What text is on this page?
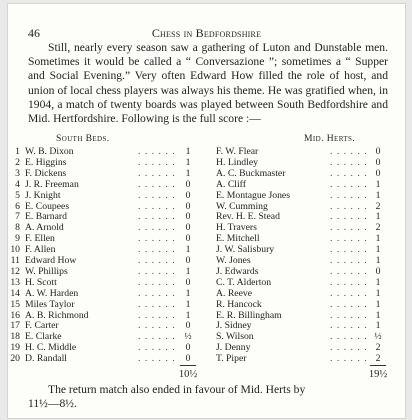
46	Chess in Bedfordshire

Still, nearly every season saw a gathering of Luton and Dunstable men. Sometimes it would be called a “ Conversazione ”; sometimes a “ Supper and Social Evening.” Very often Edward How filled the role of host, and union of local chess players was always his theme. He was gratified when, in 1904, a match of twenty boards was played between South Bedfordshire and Mid. Hertfordshire. Following is the full score :—

South Beds.	Mid. Herts.
1 W. B. Dixon	. . . . . .	1	F. W. Flear	. . . . . . 0
2 E. Higgins	. . . . . .	1	H. Lindley	. . . . . . 0
3 F. Dickens	. . . . . .	1	A. C. Buckmaster	. . . . . . 0
4 J. R. Freeman	. . . . . .	0	A. Cliff	. . . . . . 1
5 J. Knight	. . . . . .	0	E. Montague Jones	. . . . . . 1
6 E. Coupees	. . . . . .	0	W. Cumming	. . . . . . 2
7 E. Barnard	. . . . . .	0	Rev. H. E. Stead	. . . . . . 1
8 A. Arnold	. . . . . .	0	H. Travers	. . . . . . 2
9 F. Ellen	. . . . . .	0	E. Mitchell	. . . . . . 1
10 F. Allen	. . . . . .	1	J. W. Salisbury	. . . . . . 1
11 Edward How	. . . . . .	0	W. Jones	. . . . . . 1
12 W. Phillips	. . . . . .	1	J. Edwards	. . . . . . 0
13 H. Scott	. . . . . .	0	C. T. Alderton	. . . . . . 1
14 A. W. Harden	. . . . . .	1	A. Reeve	. . . . . . 1
15 Miles Taylor	. . . . . .	1	R. Hancock	. . . . . . 1
16 A. B. Richmond	. . . . . .	1	E. R. Billingham	. . . . . . 1
17 F. Carter	. . . . . .	0	J. Sidney	. . . . . . 1
18 E. Clarke	. . . . . . ½	S. Wilson	. . . . . . ½
19 H. C. Middle	. . . . . .	0	J. Denny	. . . . . . 2
20 D. Randall	. . . . . .	0	T. Piper	. . . . . . 2
10½	19½

The return match also ended in favour of Mid. Herts by

11½—8½.
